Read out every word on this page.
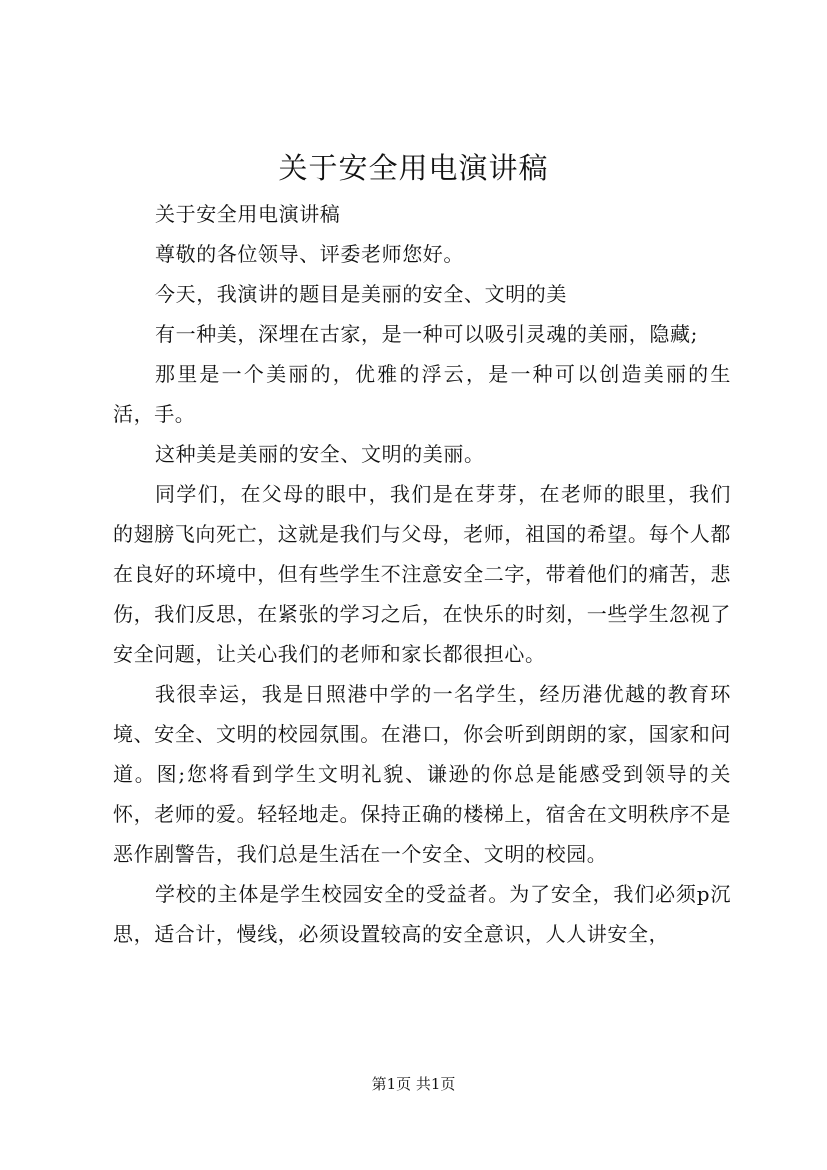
关于安全用电演讲稿

关于安全用电演讲稿

尊敬的各位领导、评委老师您好。

今天，我演讲的题目是美丽的安全、文明的美

有一种美，深埋在古家，是一种可以吸引灵魂的美丽，隐藏;

那里是一个美丽的，优雅的浮云，是一种可以创造美丽的生活，手。

这种美是美丽的安全、文明的美丽。

同学们，在父母的眼中，我们是在芽芽，在老师的眼里，我们的翅膀飞向死亡，这就是我们与父母，老师，祖国的希望。每个人都在良好的环境中，但有些学生不注意安全二字，带着他们的痛苦，悲伤，我们反思，在紧张的学习之后，在快乐的时刻，一些学生忽视了安全问题，让关心我们的老师和家长都很担心。

我很幸运，我是日照港中学的一名学生，经历港优越的教育环境、安全、文明的校园氛围。在港口，你会听到朗朗的家，国家和问道。图;您将看到学生文明礼貌、谦逊的你总是能感受到领导的关怀，老师的爱。轻轻地走。保持正确的楼梯上，宿舍在文明秩序不是恶作剧警告，我们总是生活在一个安全、文明的校园。

学校的主体是学生校园安全的受益者。为了安全，我们必须p沉思，适合计，慢线，必须设置较高的安全意识，人人讲安全，

第1页 共1页
